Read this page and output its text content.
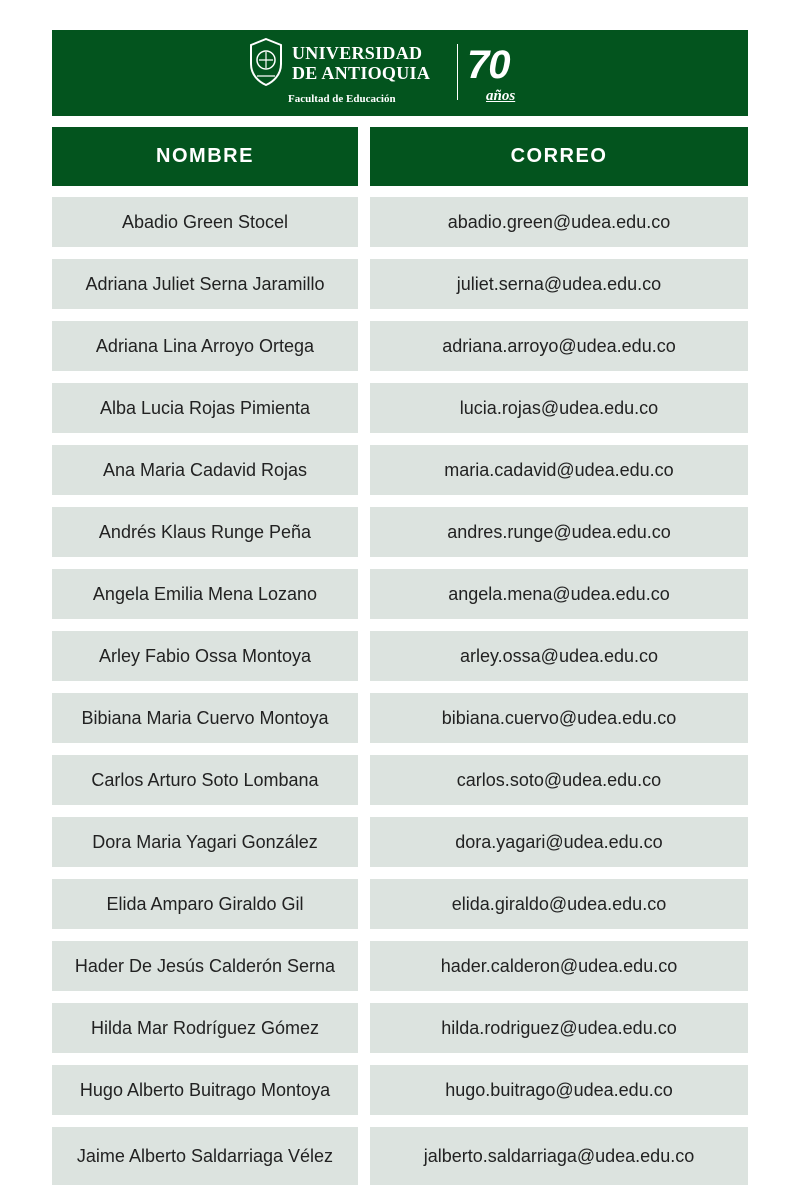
UNIVERSIDAD
DE ANTIOQUIA
Facultad de Educación
70
años
NOMBRE	CORREO
Abadio Green Stocel	abadio.green@udea.edu.co
Adriana Juliet Serna Jaramillo	juliet.serna@udea.edu.co
Adriana Lina Arroyo Ortega	adriana.arroyo@udea.edu.co
Alba Lucia Rojas Pimienta	lucia.rojas@udea.edu.co
Ana Maria Cadavid Rojas	maria.cadavid@udea.edu.co
Andrés Klaus Runge Peña	andres.runge@udea.edu.co
Angela Emilia Mena Lozano	angela.mena@udea.edu.co
Arley Fabio Ossa Montoya	arley.ossa@udea.edu.co
Bibiana Maria Cuervo Montoya	bibiana.cuervo@udea.edu.co
Carlos Arturo Soto Lombana	carlos.soto@udea.edu.co
Dora Maria Yagari González	dora.yagari@udea.edu.co
Elida Amparo Giraldo Gil	elida.giraldo@udea.edu.co
Hader De Jesús Calderón Serna	hader.calderon@udea.edu.co
Hilda Mar Rodríguez Gómez	hilda.rodriguez@udea.edu.co
Hugo Alberto Buitrago Montoya	hugo.buitrago@udea.edu.co
Jaime Alberto Saldarriaga Vélez	jalberto.saldarriaga@udea.edu.co
